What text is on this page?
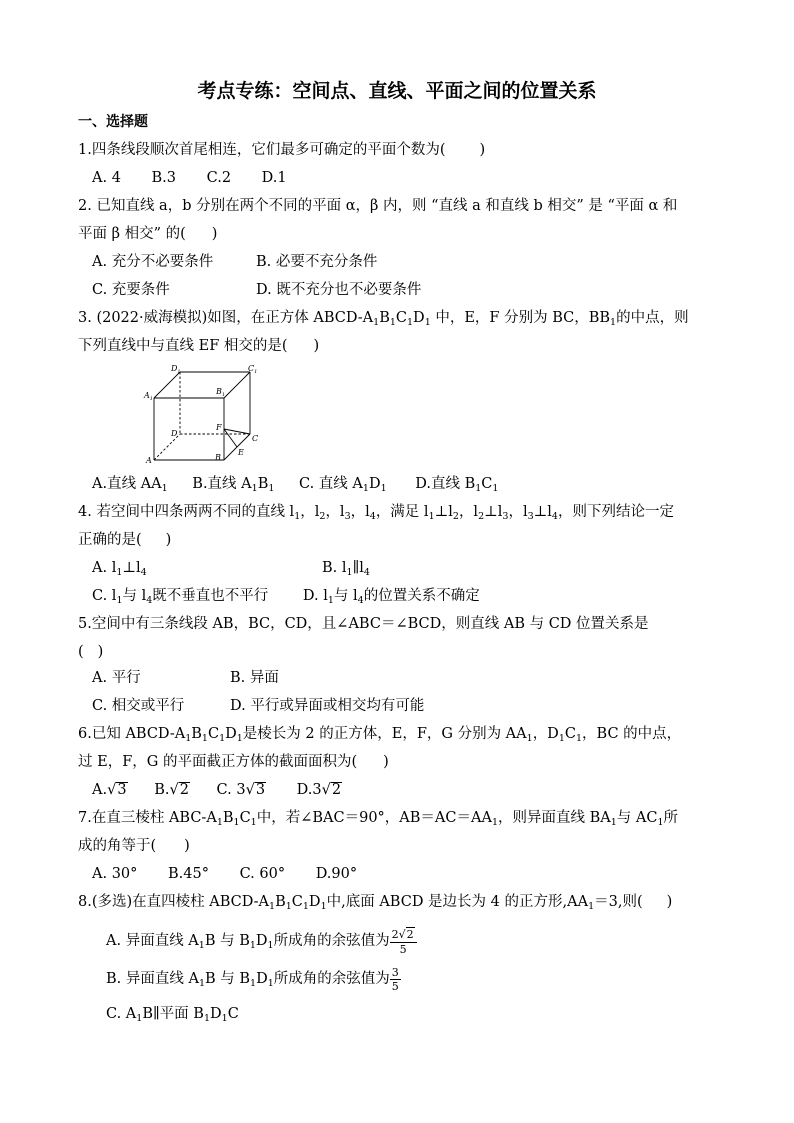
考点专练：空间点、直线、平面之间的位置关系
一、选择题
1.四条线段顺次首尾相连，它们最多可确定的平面个数为( )
A. 4 B.3 C.2 D.1
2. 已知直线 a，b 分别在两个不同的平面 α，β 内，则 “直线 a 和直线 b 相交” 是 “平面 α 和
平面 β 相交” 的( )
A. 充分不必要条件	B. 必要不充分条件
C. 充要条件	D. 既不充分也不必要条件
3. (2022·威海模拟)如图，在正方体 ABCD-$A_1B_1C_1D_1$ 中，E，F 分别为 BC，$BB_1$的中点，则
下列直线中与直线 EF 相交的是( )
$D_1$	$C_1$
$A_1$
$B_1$
D
F
C
E
A	B
A.直线 $AA_1$ B.直线 $A_1B_1$ C. 直线 $A_1D_1$ D.直线 $B_1C_1$
4. 若空间中四条两两不同的直线 $l_1$，$l_2$，$l_3$，$l_4$，满足 $l_1\perp l_2$，$l_2\perp l_3$，$l_3\perp l_4$，则下列结论一定
正确的是( )
A. $l_1\perp l_4$	B. $l_1\parallel l_4$
C. $l_1$与 $l_4$既不垂直也不平行 D. $l_1$与 $l_4$的位置关系不确定
5.空间中有三条线段 AB，BC，CD，且∠ABC＝∠BCD，则直线 AB 与 CD 位置关系是
( )
A. 平行	B. 异面
C. 相交或平行	D. 平行或异面或相交均有可能
6.已知 ABCD-$A_1B_1C_1D_1$是棱长为 2 的正方体，E，F，G 分别为 $AA_1$，$D_1C_1$，BC 的中点，
过 E，F，G 的平面截正方体的截面面积为( )
A.√3 B.√2 C. 3√3 D.3√2
7.在直三棱柱 ABC-$A_1B_1C_1$中，若∠BAC＝90°，$AB=AC=AA_1$，则异面直线 $BA_1$与 $AC_1$所
成的角等于( )
A. 30° B.45° C. 60° D.90°
8.(多选)在直四棱柱 ABCD-$A_1B_1C_1D_1$中,底面 ABCD 是边长为 4 的正方形$,AA_1=3$,则( )
A. 异面直线 $A_1B$ 与 $B_1D_1$所成角的余弦值为 $\frac{2√2}{5}$
B. 异面直线 $A_1B$ 与 $B_1D_1$所成角的余弦值为 $\frac{3}{5}$
C. $A_1B\parallel$平面 $B_1D_1C$
